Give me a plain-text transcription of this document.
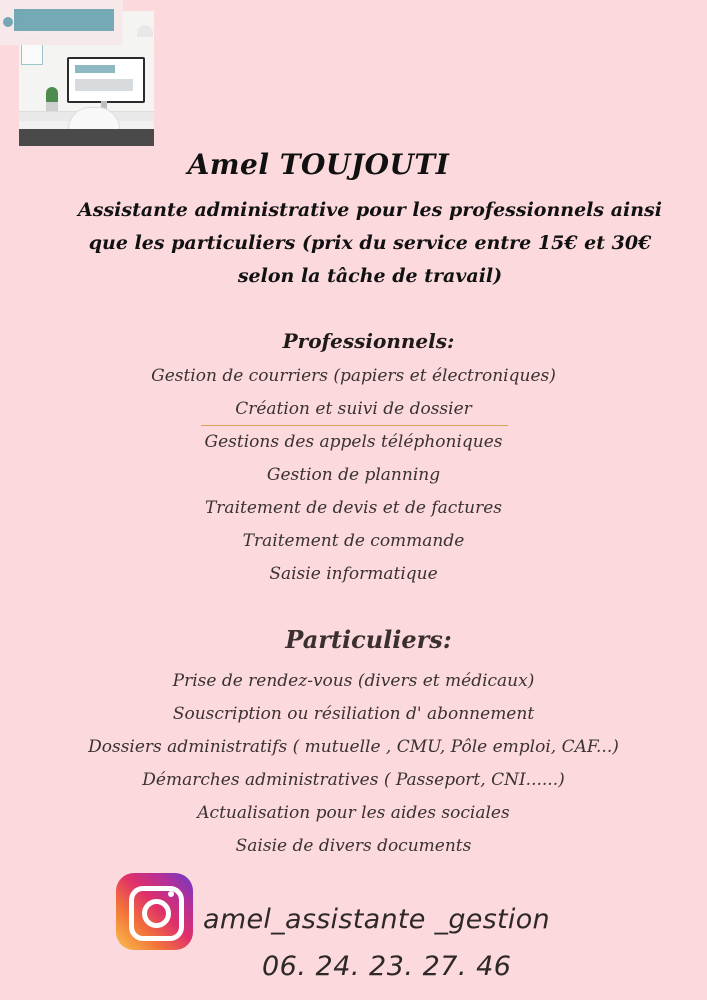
Amel TOUJOUTI
Assistante administrative pour les professionnels ainsi
que les particuliers (prix du service entre 15€ et 30€
selon la tâche de travail)
Professionnels:
Gestion de courriers (papiers et électroniques)
Création et suivi de dossier
Gestions des appels téléphoniques
Gestion de planning
Traitement de devis et de factures
Traitement de commande
Saisie informatique
Particuliers:
Prise de rendez-vous (divers et médicaux)
Souscription ou résiliation d' abonnement
Dossiers administratifs ( mutuelle , CMU, Pôle emploi, CAF...)
Démarches administratives ( Passeport, CNI......)
Actualisation pour les aides sociales
Saisie de divers documents
amel_assistante _gestion
06. 24. 23. 27. 46
